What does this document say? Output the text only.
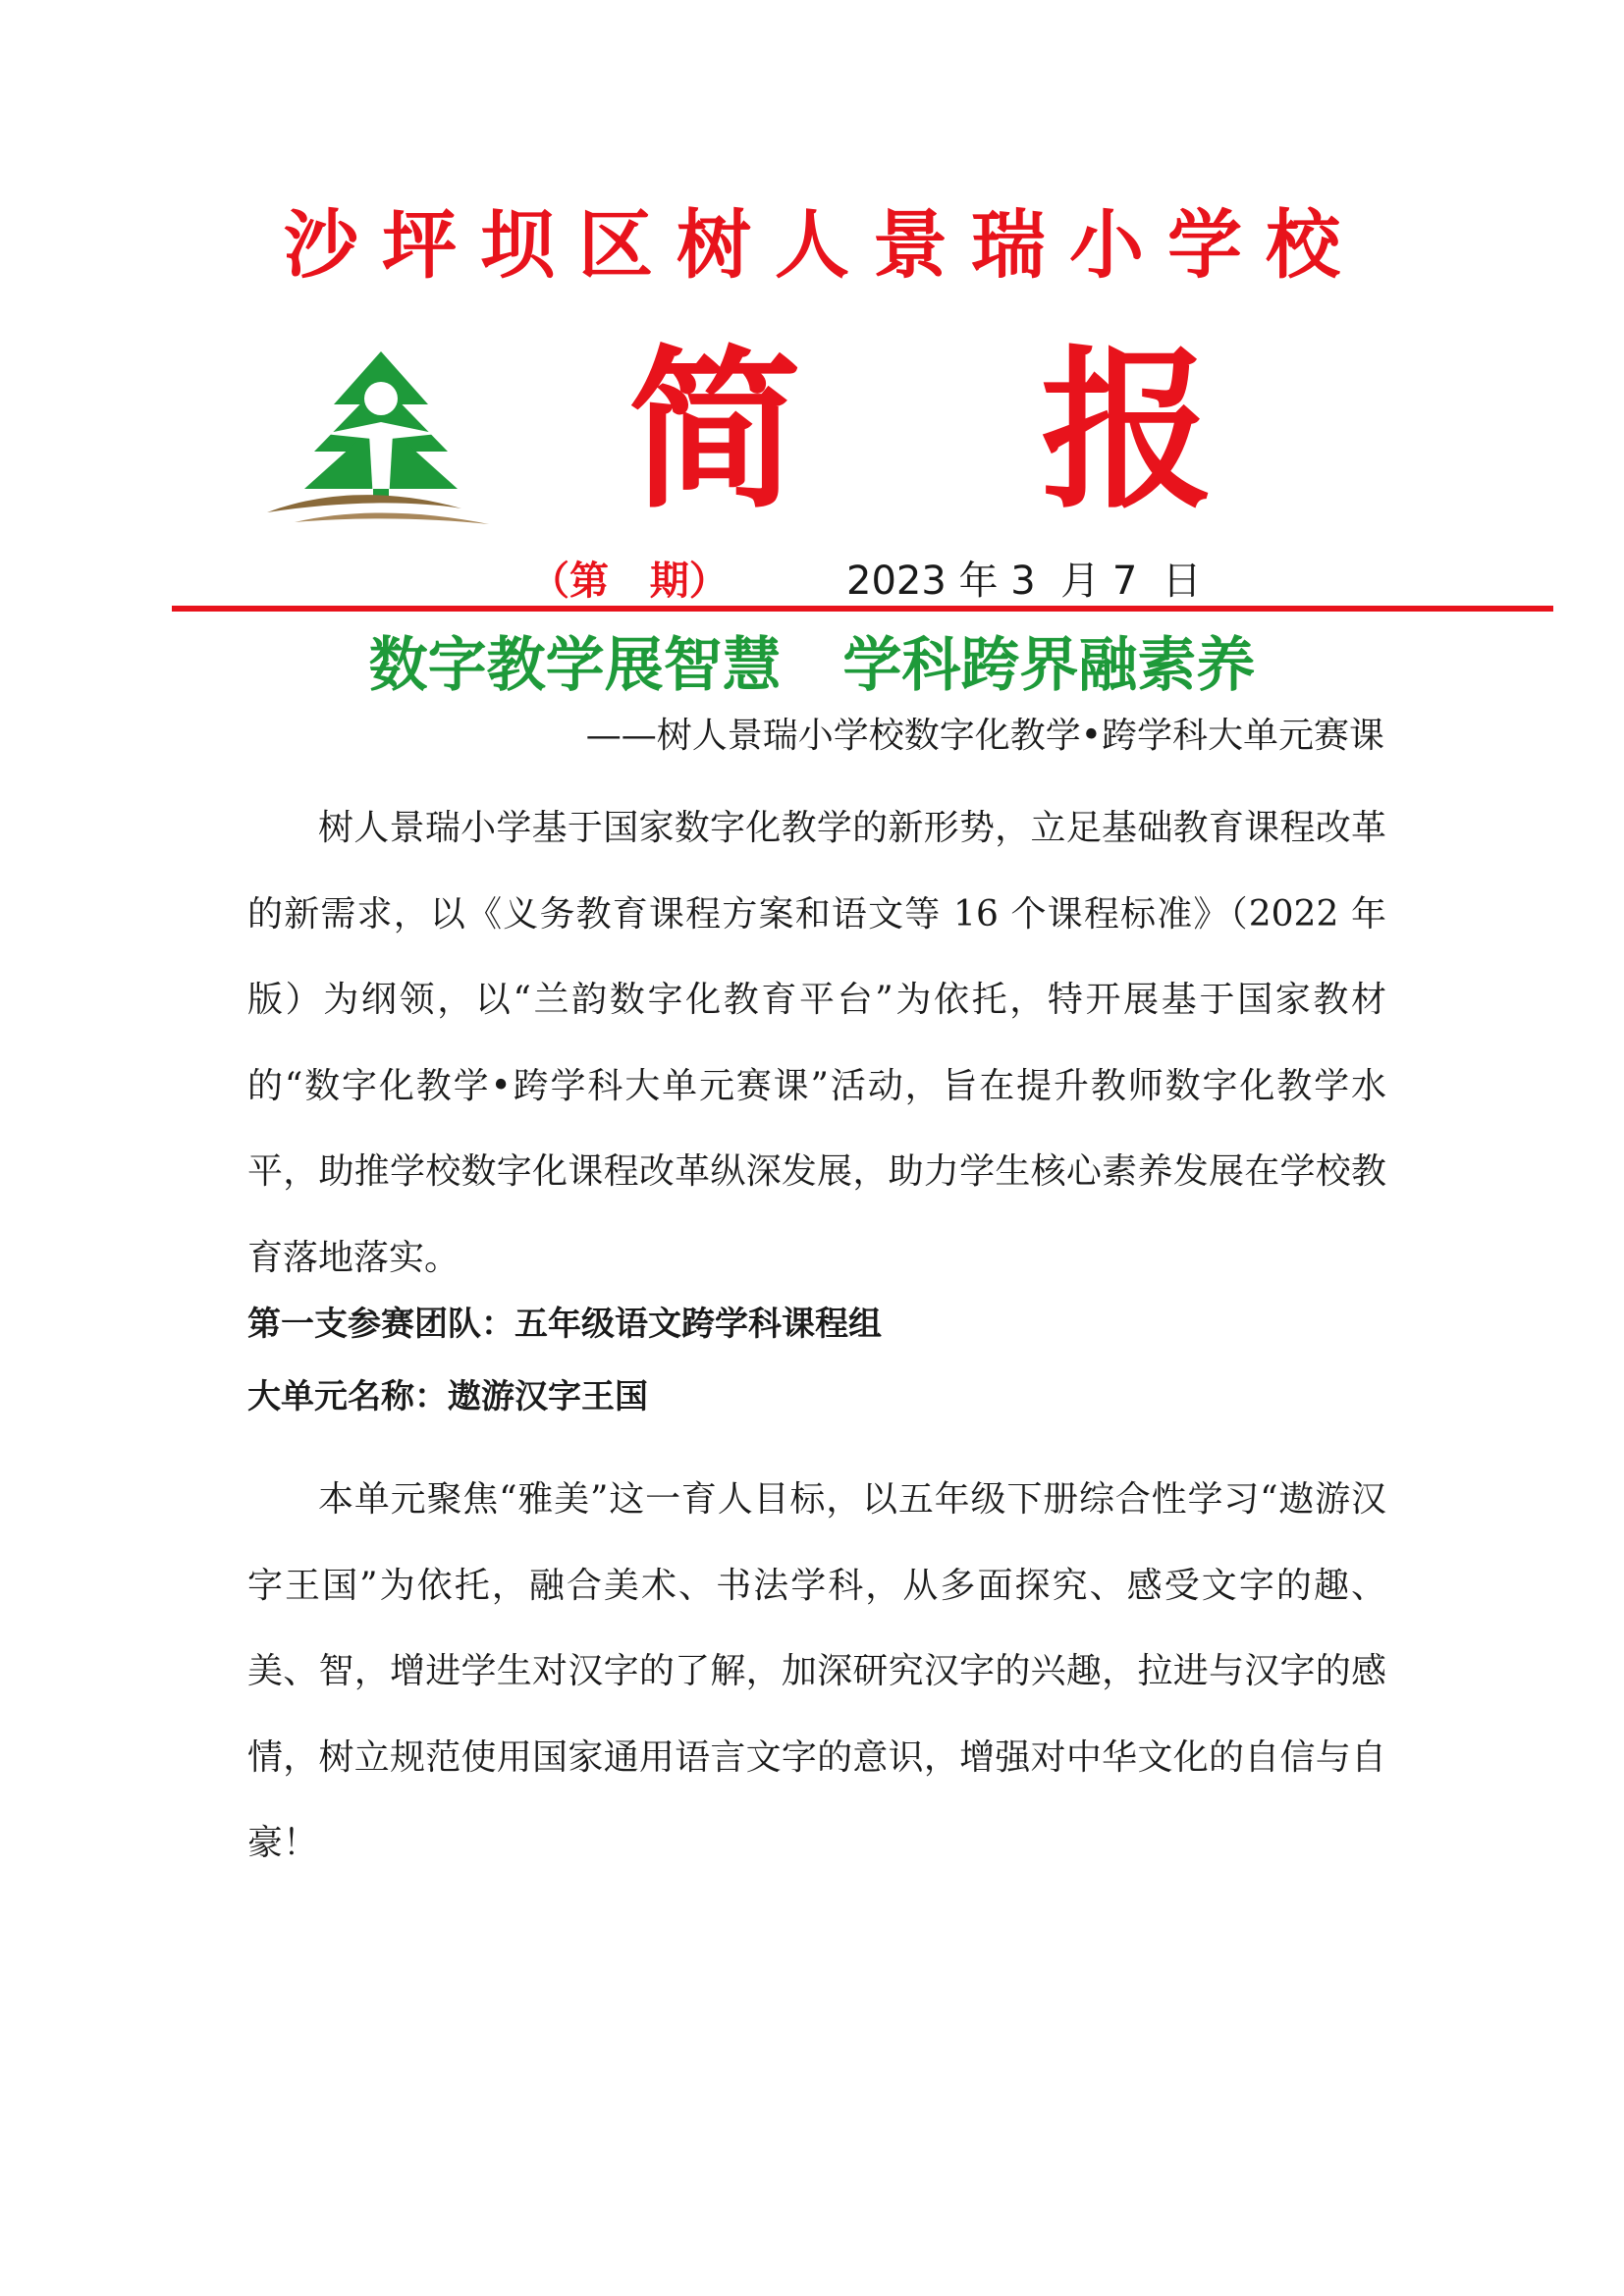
沙坪坝区树人景瑞小学校
简 报
（第   期）	2023 年 3  月 7  日
数字教学展智慧   学科跨界融素养
——树人景瑞小学校数字化教学•跨学科大单元赛课
树人景瑞小学基于国家数字化教学的新形势，立足基础教育课程改革的新需求，以《义务教育课程方案和语文等 16 个课程标准》（2022 年版）为纲领，以“兰韵数字化教育平台”为依托，特开展基于国家教材的“数字化教学•跨学科大单元赛课”活动，旨在提升教师数字化教学水平，助推学校数字化课程改革纵深发展，助力学生核心素养发展在学校教育落地落实。
第一支参赛团队：五年级语文跨学科课程组
大单元名称：遨游汉字王国
本单元聚焦“雅美”这一育人目标，以五年级下册综合性学习“遨游汉字王国”为依托，融合美术、书法学科，从多面探究、感受文字的趣、美、智，增进学生对汉字的了解，加深研究汉字的兴趣，拉进与汉字的感情，树立规范使用国家通用语言文字的意识，增强对中华文化的自信与自豪！
